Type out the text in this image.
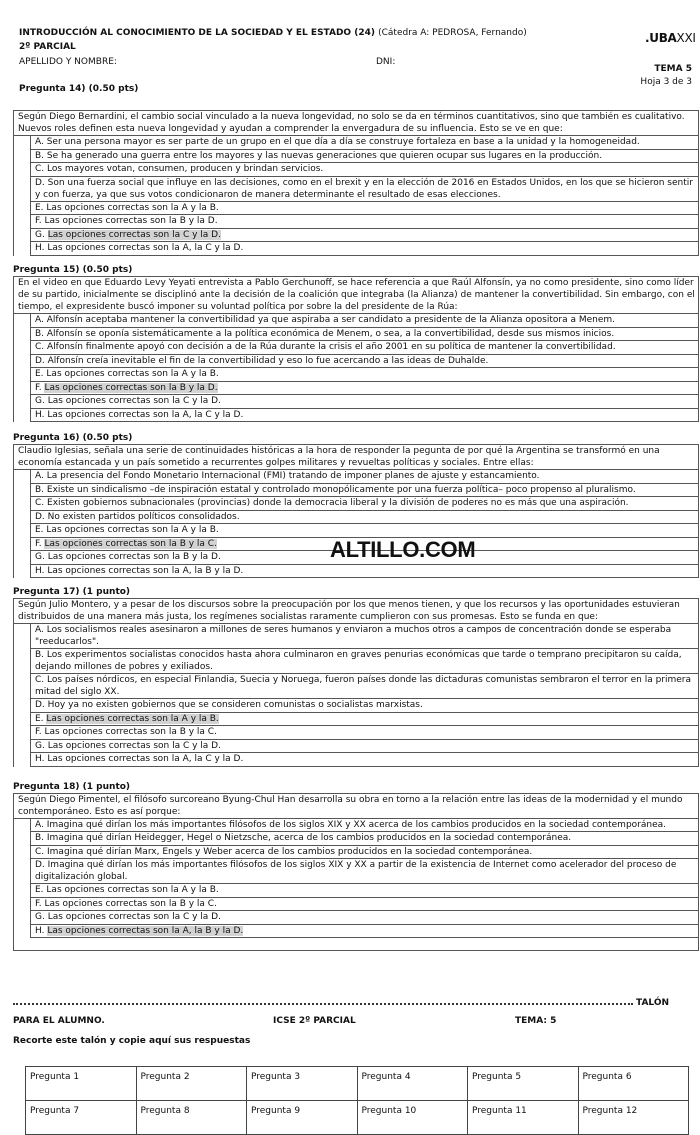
INTRODUCCIÓN AL CONOCIMIENTO DE LA SOCIEDAD Y EL ESTADO (24) (Cátedra A: PEDROSA, Fernando)
2º PARCIAL
APELLIDO Y NOMBRE:	DNI:
.UBAXXI
TEMA 5
Hoja 3 de 3
Pregunta 14) (0.50 pts)
Según Diego Bernardini, el cambio social vinculado a la nueva longevidad, no solo se da en términos cuantitativos, sino que también es cualitativo. Nuevos roles definen esta nueva longevidad y ayudan a comprender la envergadura de su influencia. Esto se ve en que:
A. Ser una persona mayor es ser parte de un grupo en el que día a día se construye fortaleza en base a la unidad y la homogeneidad.
B. Se ha generado una guerra entre los mayores y las nuevas generaciones que quieren ocupar sus lugares en la producción.
C. Los mayores votan, consumen, producen y brindan servicios.
D. Son una fuerza social que influye en las decisiones, como en el brexit y en la elección de 2016 en Estados Unidos, en los que se hicieron sentir y con fuerza, ya que sus votos condicionaron de manera determinante el resultado de esas elecciones.
E. Las opciones correctas son la A y la B.
F. Las opciones correctas son la B y la D.
G. Las opciones correctas son la C y la D.
H. Las opciones correctas son la A, la C y la D.
Pregunta 15) (0.50 pts)
En el video en que Eduardo Levy Yeyati entrevista a Pablo Gerchunoff, se hace referencia a que Raúl Alfonsín, ya no como presidente, sino como líder de su partido, inicialmente se disciplinó ante la decisión de la coalición que integraba (la Alianza) de mantener la convertibilidad. Sin embargo, con el tiempo, el expresidente buscó imponer su voluntad política por sobre la del presidente de la Rúa:
A. Alfonsín aceptaba mantener la convertibilidad ya que aspiraba a ser candidato a presidente de la Alianza opositora a Menem.
B. Alfonsín se oponía sistemáticamente a la política económica de Menem, o sea, a la convertibilidad, desde sus mismos inicios.
C. Alfonsín finalmente apoyó con decisión a de la Rúa durante la crisis el año 2001 en su política de mantener la convertibilidad.
D. Alfonsín creía inevitable el fin de la convertibilidad y eso lo fue acercando a las ideas de Duhalde.
E. Las opciones correctas son la A y la B.
F. Las opciones correctas son la B y la D.
G. Las opciones correctas son la C y la D.
H. Las opciones correctas son la A, la C y la D.
Pregunta 16) (0.50 pts)
Claudio Iglesias, señala una serie de continuidades históricas a la hora de responder la pegunta de por qué la Argentina se transformó en una economía estancada y un país sometido a recurrentes golpes militares y revueltas políticas y sociales. Entre ellas:
A. La presencia del Fondo Monetario Internacional (FMI) tratando de imponer planes de ajuste y estancamiento.
B. Existe un sindicalismo –de inspiración estatal y controlado monopólicamente por una fuerza política– poco propenso al pluralismo.
C. Existen gobiernos subnacionales (provincias) donde la democracia liberal y la división de poderes no es más que una aspiración.
D. No existen partidos políticos consolidados.
E. Las opciones correctas son la A y la B.
F. Las opciones correctas son la B y la C.
G. Las opciones correctas son la B y la D.
H. Las opciones correctas son la A, la B y la D.
Pregunta 17) (1 punto)
Según Julio Montero, y a pesar de los discursos sobre la preocupación por los que menos tienen, y que los recursos y las oportunidades estuvieran distribuidos de una manera más justa, los regímenes socialistas raramente cumplieron con sus promesas. Esto se funda en que:
A. Los socialismos reales asesinaron a millones de seres humanos y enviaron a muchos otros a campos de concentración donde se esperaba "reeducarlos".
B. Los experimentos socialistas conocidos hasta ahora culminaron en graves penurias económicas que tarde o temprano precipitaron su caída, dejando millones de pobres y exiliados.
C. Los países nórdicos, en especial Finlandia, Suecia y Noruega, fueron países donde las dictaduras comunistas sembraron el terror en la primera mitad del siglo XX.
D. Hoy ya no existen gobiernos que se consideren comunistas o socialistas marxistas.
E. Las opciones correctas son la A y la B.
F. Las opciones correctas son la B y la C.
G. Las opciones correctas son la C y la D.
H. Las opciones correctas son la A, la C y la D.
Pregunta 18) (1 punto)
Según Diego Pimentel, el filósofo surcoreano Byung-Chul Han desarrolla su obra en torno a la relación entre las ideas de la modernidad y el mundo contemporáneo. Esto es así porque:
A. Imagina qué dirían los más importantes filósofos de los siglos XIX y XX acerca de los cambios producidos en la sociedad contemporánea.
B. Imagina qué dirían Heidegger, Hegel o Nietzsche, acerca de los cambios producidos en la sociedad contemporánea.
C. Imagina qué dirían Marx, Engels y Weber acerca de los cambios producidos en la sociedad contemporánea.
D. Imagina qué dirían los más importantes filósofos de los siglos XIX y XX a partir de la existencia de Internet como acelerador del proceso de digitalización global.
E. Las opciones correctas son la A y la B.
F. Las opciones correctas son la B y la C.
G. Las opciones correctas son la C y la D.
H. Las opciones correctas son la A, la B y la D.
ALTILLO.COM
TALÓN
PARA EL ALUMNO.	ICSE 2º PARCIAL	TEMA: 5
Recorte este talón y copie aquí sus respuestas
Pregunta 1	Pregunta 2	Pregunta 3	Pregunta 4	Pregunta 5	Pregunta 6
Pregunta 7	Pregunta 8	Pregunta 9	Pregunta 10	Pregunta 11	Pregunta 12
